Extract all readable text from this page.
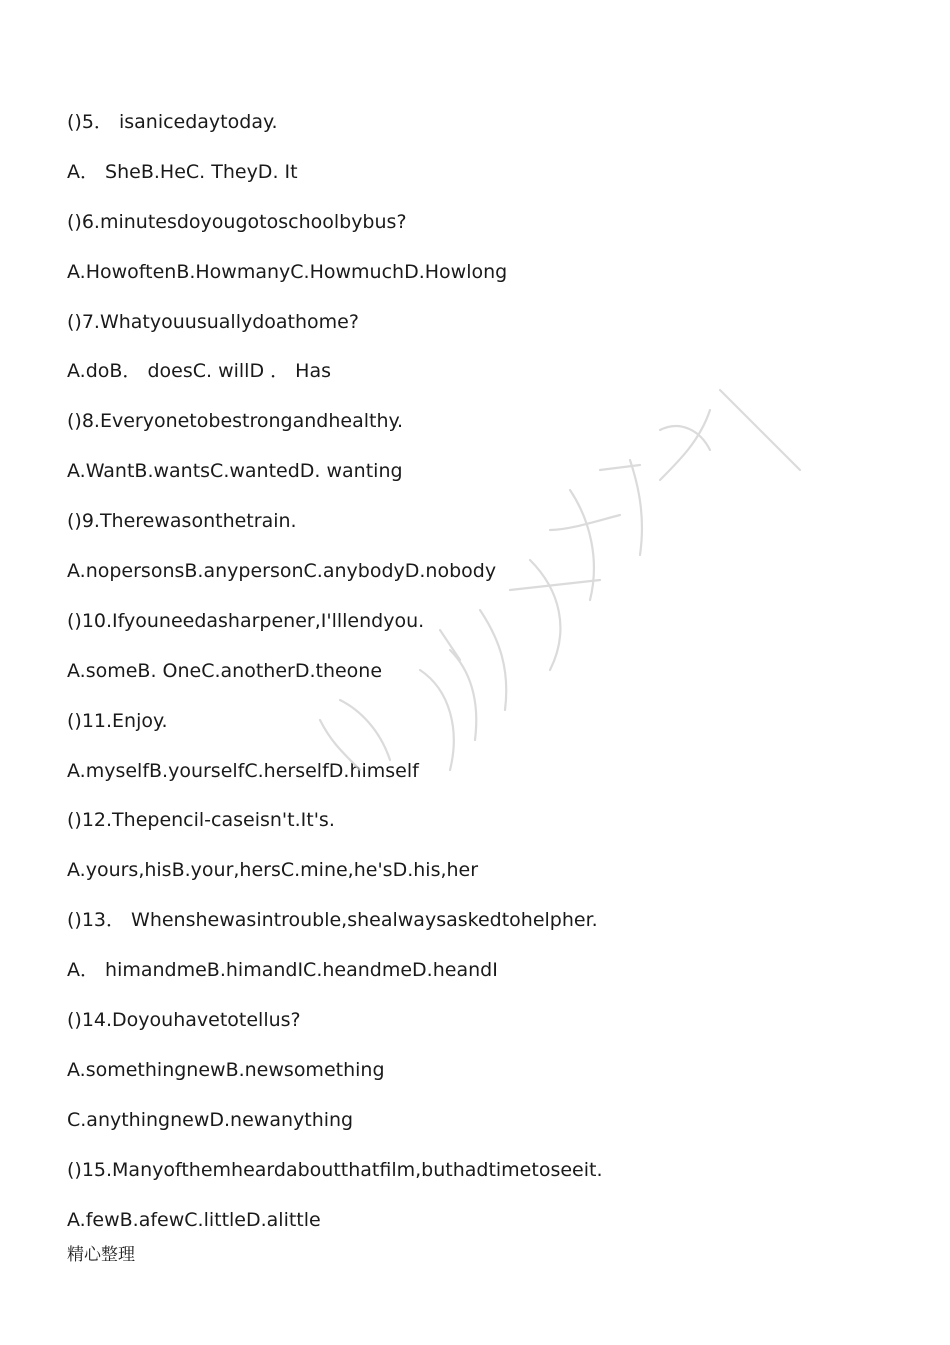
()5． isanicedaytoday.
A． SheB.HeC. TheyD. It
()6.minutesdoyougotoschoolbybus?
A.HowoftenB.HowmanyC.HowmuchD.Howlong
()7.Whatyouusuallydoathome?
A.doB． doesC. willD ． Has
()8.Everyonetobestrongandhealthy.
A.WantB.wantsC.wantedD. wanting
()9.Therewasonthetrain.
A.nopersonsB.anypersonC.anybodyD.nobody
()10.Ifyouneedasharpener,I'lllendyou.
A.someB. OneC.anotherD.theone
()11.Enjoy.
A.myselfB.yourselfC.herselfD.himself
()12.Thepencil-caseisn't.It's.
A.yours,hisB.your,hersC.mine,he'sD.his,her
()13． Whenshewasintrouble,shealwaysaskedtohelpher.
A． himandmeB.himandIC.heandmeD.heandI
()14.Doyouhavetotellus?
A.somethingnewB.newsomething
C.anythingnewD.newanything
()15.Manyofthemheardaboutthatfilm,buthadtimetoseeit.
A.fewB.afewC.littleD.alittle
精心整理
